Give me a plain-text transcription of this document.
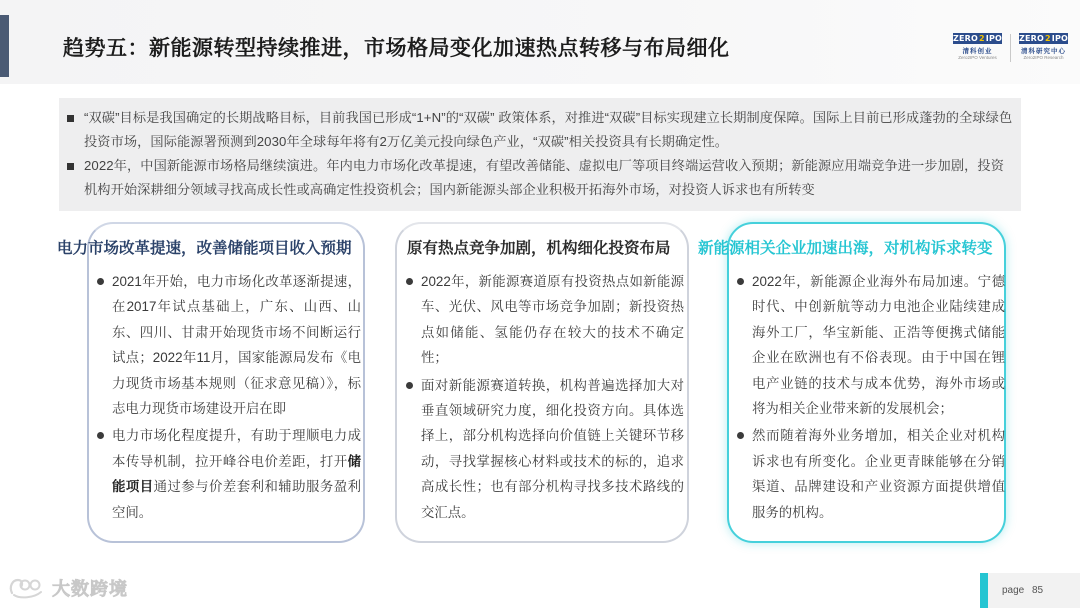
趋势五：新能源转型持续推进，市场格局变化加速热点转移与布局细化	ZERO 2 IPO
清科创业
Zero2IPO Ventures
ZERO 2 IPO
清科研究中心
Zero2IPO Research

“双碳”目标是我国确定的长期战略目标，目前我国已形成“1+N”的“双碳” 政策体系，对推进“双碳”目标实现建立长期制度保障。国际上目前已形成蓬勃的全球绿色投资市场，国际能源署预测到2030年全球每年将有2万亿美元投向绿色产业，“双碳”相关投资具有长期确定性。

2022年，中国新能源市场格局继续演进。年内电力市场化改革提速，有望改善储能、虚拟电厂等项目终端运营收入预期；新能源应用端竞争进一步加剧，投资机构开始深耕细分领域寻找高成长性或高确定性投资机会；国内新能源头部企业积极开拓海外市场，对投资人诉求也有所转变

电力市场改革提速，改善储能项目收入预期	原有热点竞争加剧，机构细化投资布局 新能源相关企业加速出海，对机构诉求转变
2021年开始，电力市场化改革逐渐提速，在2017年试点基础上，广东、山西、山东、四川、甘肃开始现货市场不间断运行试点；2022年11月，国家能源局发布《电力现货市场基本规则（征求意见稿）》，标志电力现货市场建设开启在即
电力市场化程度提升，有助于理顺电力成本传导机制，拉开峰谷电价差距，打开储能项目通过参与价差套利和辅助服务盈利空间。
2022年，新能源赛道原有投资热点如新能源车、光伏、风电等市场竞争加剧；新投资热点如储能、氢能仍存在较大的技术不确定性；
面对新能源赛道转换，机构普遍选择加大对垂直领域研究力度，细化投资方向。具体选择上，部分机构选择向价值链上关键环节移动，寻找掌握核心材料或技术的标的，追求高成长性；也有部分机构寻找多技术路线的交汇点。
2022年，新能源企业海外布局加速。宁德时代、中创新航等动力电池企业陆续建成海外工厂，华宝新能、正浩等便携式储能企业在欧洲也有不俗表现。由于中国在锂电产业链的技术与成本优势，海外市场或将为相关企业带来新的发展机会；
然而随着海外业务增加，相关企业对机构诉求也有所变化。企业更青睐能够在分销渠道、品牌建设和产业资源方面提供增值服务的机构。
大数跨境	page 85
